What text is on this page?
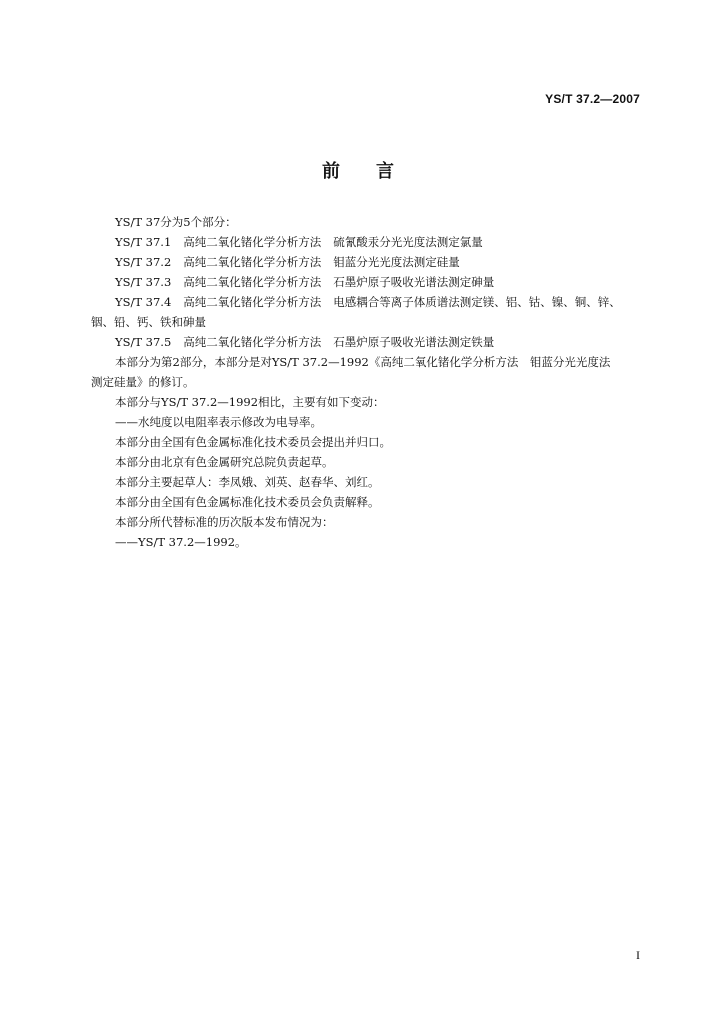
YS/T 37.2—2007
前言
YS/T 37分为5个部分：
YS/T 37.1 高纯二氧化锗化学分析方法 硫氰酸汞分光光度法测定氯量
YS/T 37.2 高纯二氧化锗化学分析方法 钼蓝分光光度法测定硅量
YS/T 37.3 高纯二氧化锗化学分析方法 石墨炉原子吸收光谱法测定砷量
YS/T 37.4 高纯二氧化锗化学分析方法 电感耦合等离子体质谱法测定镁、铝、钴、镍、铜、锌、
铟、铅、钙、铁和砷量
YS/T 37.5 高纯二氧化锗化学分析方法 石墨炉原子吸收光谱法测定铁量
本部分为第2部分，本部分是对YS/T 37.2—1992《高纯二氧化锗化学分析方法　钼蓝分光光度法
测定硅量》的修订。
本部分与YS/T 37.2—1992相比，主要有如下变动：
——水纯度以电阻率表示修改为电导率。
本部分由全国有色金属标准化技术委员会提出并归口。
本部分由北京有色金属研究总院负责起草。
本部分主要起草人：李凤娥、刘英、赵春华、刘红。
本部分由全国有色金属标准化技术委员会负责解释。
本部分所代替标准的历次版本发布情况为：
——YS/T 37.2—1992。
I
